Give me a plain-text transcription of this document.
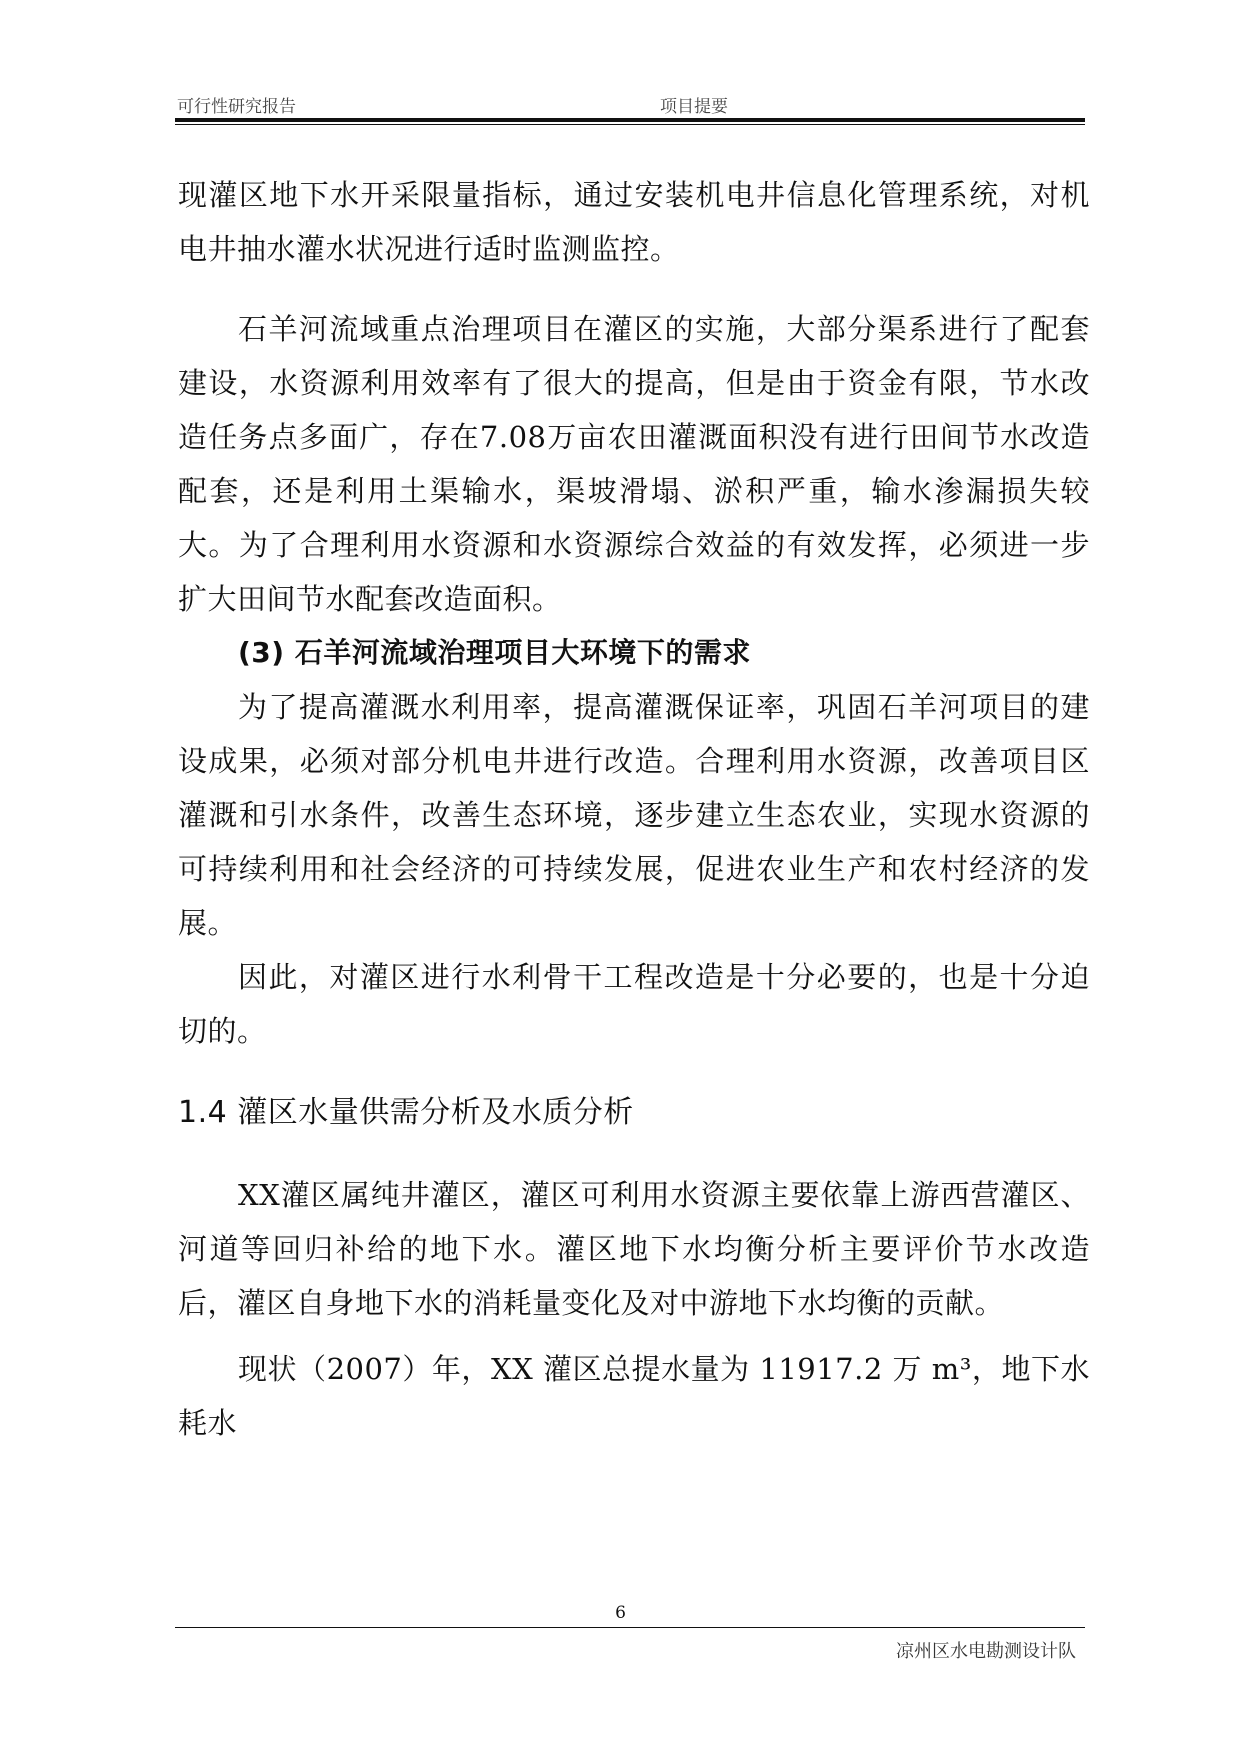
可行性研究报告	项目提要

现灌区地下水开采限量指标，通过安装机电井信息化管理系统，对机电井抽水灌水状况进行适时监测监控。

石羊河流域重点治理项目在灌区的实施，大部分渠系进行了配套建设，水资源利用效率有了很大的提高，但是由于资金有限，节水改造任务点多面广，存在7.08万亩农田灌溉面积没有进行田间节水改造配套，还是利用土渠输水，渠坡滑塌、淤积严重，输水渗漏损失较大。为了合理利用水资源和水资源综合效益的有效发挥，必须进一步扩大田间节水配套改造面积。

(3) 石羊河流域治理项目大环境下的需求

为了提高灌溉水利用率，提高灌溉保证率，巩固石羊河项目的建设成果，必须对部分机电井进行改造。合理利用水资源，改善项目区灌溉和引水条件，改善生态环境，逐步建立生态农业，实现水资源的可持续利用和社会经济的可持续发展，促进农业生产和农村经济的发展。

因此，对灌区进行水利骨干工程改造是十分必要的，也是十分迫切的。

1.4 灌区水量供需分析及水质分析

XX灌区属纯井灌区，灌区可利用水资源主要依靠上游西营灌区、河道等回归补给的地下水。灌区地下水均衡分析主要评价节水改造后，灌区自身地下水的消耗量变化及对中游地下水均衡的贡献。

现状（2007）年，XX 灌区总提水量为 11917.2 万 m³，地下水耗水

6
凉州区水电勘测设计队
